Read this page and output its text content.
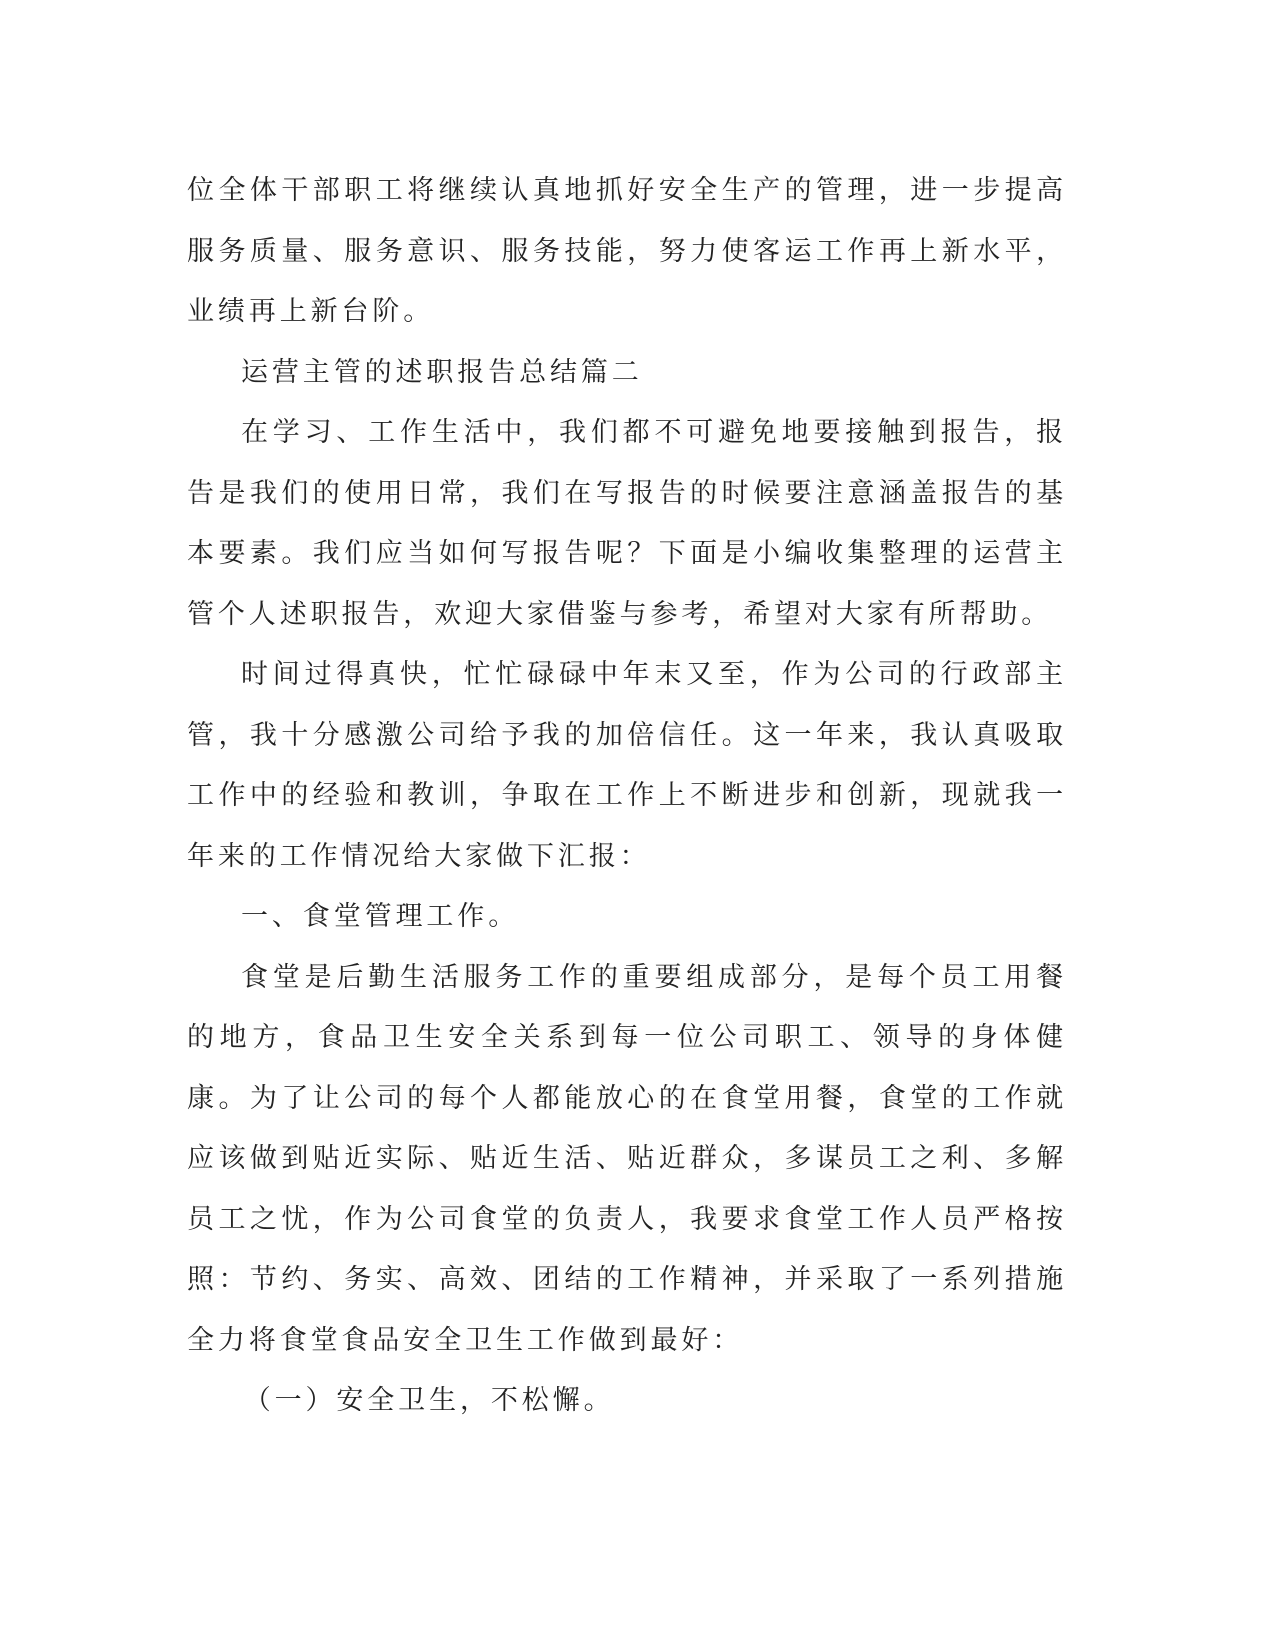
位全体干部职工将继续认真地抓好安全生产的管理，进一步提高服务质量、服务意识、服务技能，努力使客运工作再上新水平，业绩再上新台阶。

运营主管的述职报告总结篇二

在学习、工作生活中，我们都不可避免地要接触到报告，报告是我们的使用日常，我们在写报告的时候要注意涵盖报告的基本要素。我们应当如何写报告呢？下面是小编收集整理的运营主管个人述职报告，欢迎大家借鉴与参考，希望对大家有所帮助。

时间过得真快，忙忙碌碌中年末又至，作为公司的行政部主管，我十分感激公司给予我的加倍信任。这一年来，我认真吸取工作中的经验和教训，争取在工作上不断进步和创新，现就我一年来的工作情况给大家做下汇报：

一、食堂管理工作。

食堂是后勤生活服务工作的重要组成部分，是每个员工用餐的地方，食品卫生安全关系到每一位公司职工、领导的身体健康。为了让公司的每个人都能放心的在食堂用餐，食堂的工作就应该做到贴近实际、贴近生活、贴近群众，多谋员工之利、多解员工之忧，作为公司食堂的负责人，我要求食堂工作人员严格按照：节约、务实、高效、团结的工作精神，并采取了一系列措施全力将食堂食品安全卫生工作做到最好：

（一）安全卫生，不松懈。
